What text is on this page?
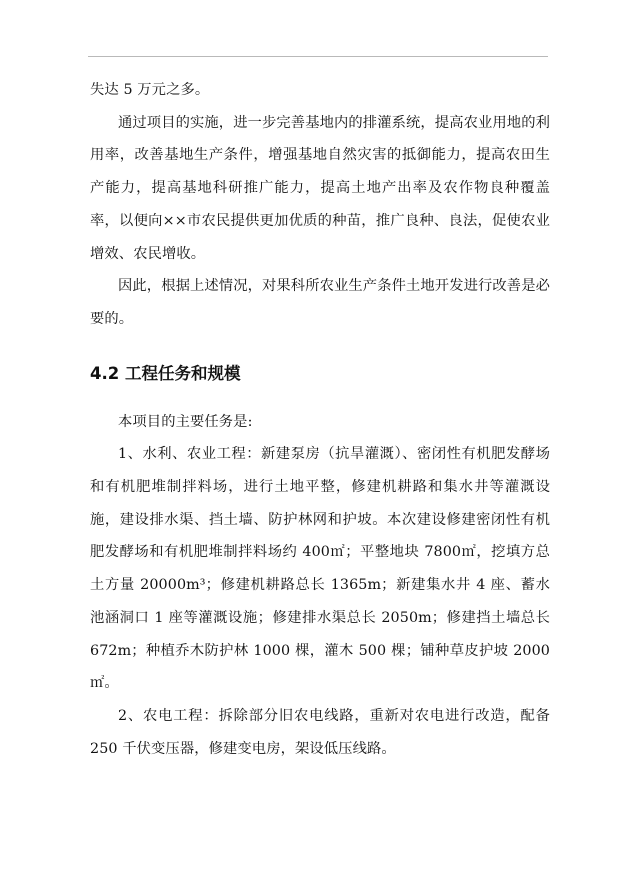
失达 5 万元之多。

通过项目的实施，进一步完善基地内的排灌系统，提高农业用地的利用率，改善基地生产条件，增强基地自然灾害的抵御能力，提高农田生产能力，提高基地科研推广能力，提高土地产出率及农作物良种覆盖率，以便向××市农民提供更加优质的种苗，推广良种、良法，促使农业增效、农民增收。

因此，根据上述情况，对果科所农业生产条件土地开发进行改善是必要的。

4.2 工程任务和规模

本项目的主要任务是:

1、水利、农业工程：新建泵房（抗旱灌溉）、密闭性有机肥发酵场和有机肥堆制拌料场，进行土地平整，修建机耕路和集水井等灌溉设施，建设排水渠、挡土墙、防护林网和护坡。本次建设修建密闭性有机肥发酵场和有机肥堆制拌料场约 400㎡；平整地块 7800㎡，挖填方总土方量 20000m³；修建机耕路总长 1365m；新建集水井 4 座、蓄水池涵洞口 1 座等灌溉设施；修建排水渠总长 2050m；修建挡土墙总长 672m；种植乔木防护林 1000 棵，灌木 500 棵；铺种草皮护坡 2000㎡。

2、农电工程：拆除部分旧农电线路，重新对农电进行改造，配备 250 千伏变压器，修建变电房，架设低压线路。
